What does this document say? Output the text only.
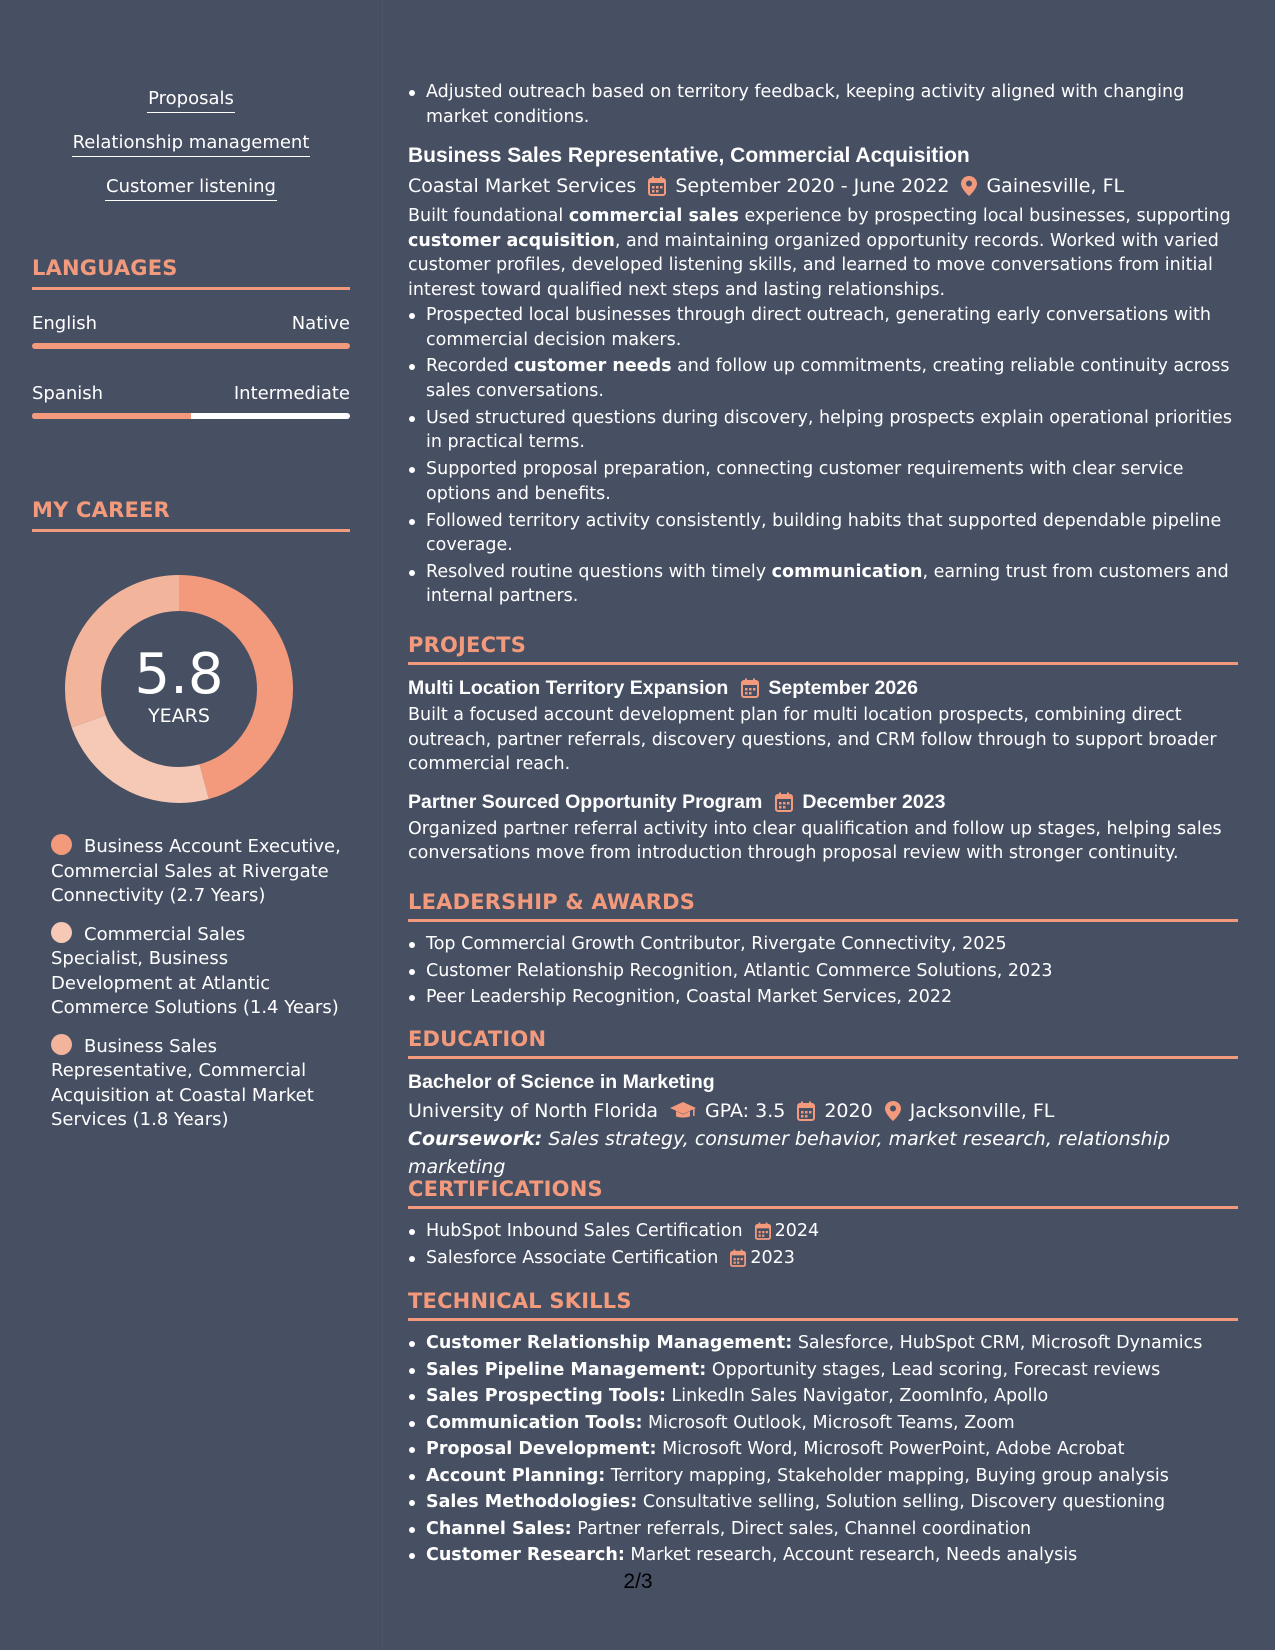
Proposals
Relationship management
Customer listening
LANGUAGES
English	Native
Spanish	Intermediate
MY CAREER
5.8
YEARS
Business Account Executive, Commercial Sales at Rivergate Connectivity (2.7 Years)
Commercial Sales Specialist, Business Development at Atlantic Commerce Solutions (1.4 Years)
Business Sales Representative, Commercial Acquisition at Coastal Market Services (1.8 Years)
Adjusted outreach based on territory feedback, keeping activity aligned with changing market conditions.
Business Sales Representative, Commercial Acquisition
Coastal Market Services September 2020 - June 2022 Gainesville, FL
Built foundational commercial sales experience by prospecting local businesses, supporting customer acquisition, and maintaining organized opportunity records. Worked with varied customer profiles, developed listening skills, and learned to move conversations from initial interest toward qualified next steps and lasting relationships.
Prospected local businesses through direct outreach, generating early conversations with commercial decision makers.
Recorded customer needs and follow up commitments, creating reliable continuity across sales conversations.
Used structured questions during discovery, helping prospects explain operational priorities in practical terms.
Supported proposal preparation, connecting customer requirements with clear service options and benefits.
Followed territory activity consistently, building habits that supported dependable pipeline coverage.
Resolved routine questions with timely communication, earning trust from customers and internal partners.
PROJECTS
Multi Location Territory Expansion September 2026
Built a focused account development plan for multi location prospects, combining direct outreach, partner referrals, discovery questions, and CRM follow through to support broader commercial reach.
Partner Sourced Opportunity Program December 2023
Organized partner referral activity into clear qualification and follow up stages, helping sales conversations move from introduction through proposal review with stronger continuity.
LEADERSHIP & AWARDS
Top Commercial Growth Contributor, Rivergate Connectivity, 2025
Customer Relationship Recognition, Atlantic Commerce Solutions, 2023
Peer Leadership Recognition, Coastal Market Services, 2022
EDUCATION
Bachelor of Science in Marketing
University of North Florida GPA: 3.5 2020 Jacksonville, FL
Coursework: Sales strategy, consumer behavior, market research, relationship marketing
CERTIFICATIONS
HubSpot Inbound Sales Certification 2024
Salesforce Associate Certification 2023
TECHNICAL SKILLS
Customer Relationship Management: Salesforce, HubSpot CRM, Microsoft Dynamics
Sales Pipeline Management: Opportunity stages, Lead scoring, Forecast reviews
Sales Prospecting Tools: LinkedIn Sales Navigator, ZoomInfo, Apollo
Communication Tools: Microsoft Outlook, Microsoft Teams, Zoom
Proposal Development: Microsoft Word, Microsoft PowerPoint, Adobe Acrobat
Account Planning: Territory mapping, Stakeholder mapping, Buying group analysis
Sales Methodologies: Consultative selling, Solution selling, Discovery questioning
Channel Sales: Partner referrals, Direct sales, Channel coordination
Customer Research: Market research, Account research, Needs analysis
2/3
